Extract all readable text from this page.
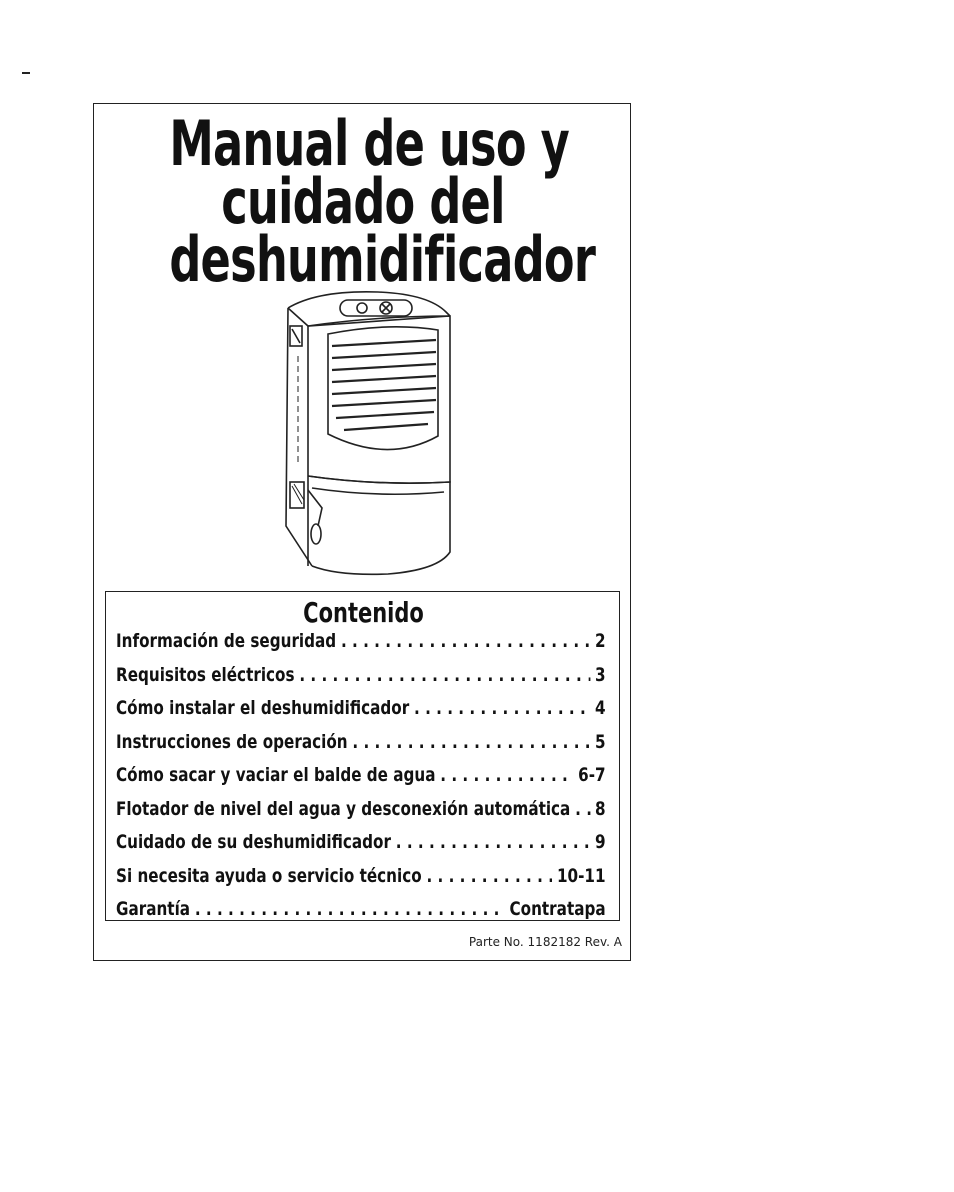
Manual de uso y
cuidado del
deshumidificador
Contenido
Información de seguridad . . .	2
Requisitos eléctricos . . .	3
Cómo instalar el deshumidificador . . .	4
Instrucciones de operación . . .	5
Cómo sacar y vaciar el balde de agua . . .	6-7
Flotador de nivel del agua y desconexión automática . . . 8
Cuidado de su deshumidificador . . .	9
Si necesita ayuda o servicio técnico . . .	10-11
Garantía . . .	Contratapa
Parte No. 1182182 Rev. A
